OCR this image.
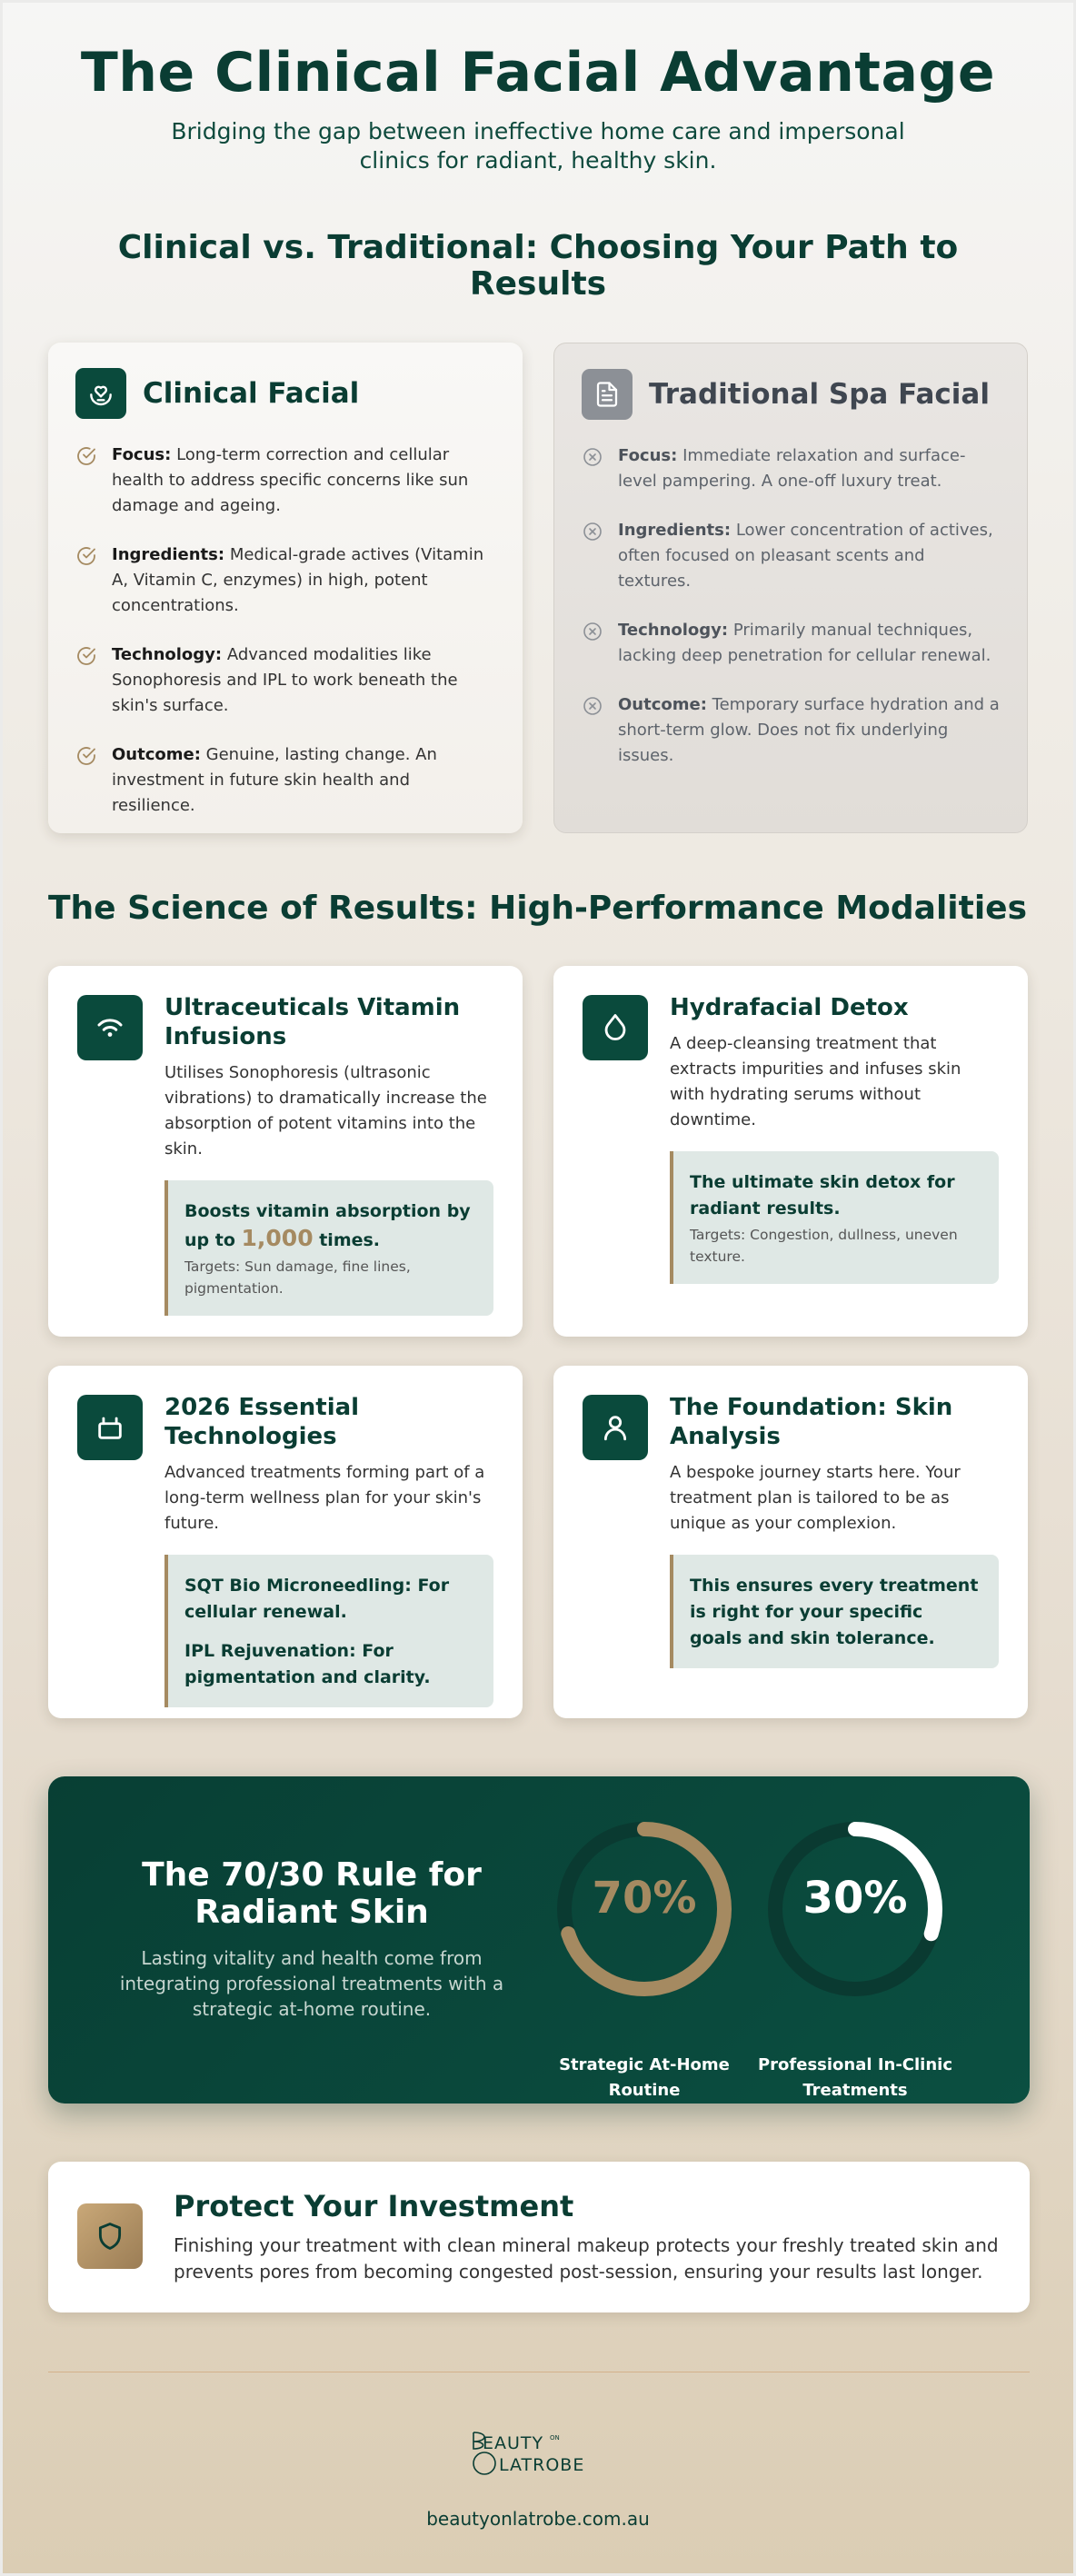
The Clinical Facial Advantage

Bridging the gap between ineffective home care and impersonal clinics for radiant, healthy skin.

Clinical vs. Traditional: Choosing Your Path to Results
Clinical Facial

Focus: Long-term correction and cellular health to address specific concerns like sun damage and ageing.

Ingredients: Medical-grade actives (Vitamin A, Vitamin C, enzymes) in high, potent concentrations.

Technology: Advanced modalities like Sonophoresis and IPL to work beneath the skin's surface.

Outcome: Genuine, lasting change. An investment in future skin health and resilience.

Traditional Spa Facial

Focus: Immediate relaxation and surface-level pampering. A one-off luxury treat.

Ingredients: Lower concentration of actives, often focused on pleasant scents and textures.

Technology: Primarily manual techniques, lacking deep penetration for cellular renewal.

Outcome: Temporary surface hydration and a short-term glow. Does not fix underlying issues.

The Science of Results: High-Performance Modalities
Ultraceuticals Vitamin Infusions
Utilises Sonophoresis (ultrasonic vibrations) to dramatically increase the absorption of potent vitamins into the skin.
Boosts vitamin absorption by up to 1,000 times.
Targets: Sun damage, fine lines, pigmentation.
Hydrafacial Detox
A deep-cleansing treatment that extracts impurities and infuses skin with hydrating serums without downtime.
The ultimate skin detox for radiant results.
Targets: Congestion, dullness, uneven texture.
2026 Essential Technologies
Advanced treatments forming part of a long-term wellness plan for your skin's future.
SQT Bio Microneedling: For cellular renewal.
IPL Rejuvenation: For pigmentation and clarity.
The Foundation: Skin Analysis
A bespoke journey starts here. Your treatment plan is tailored to be as unique as your complexion.
This ensures every treatment is right for your specific goals and skin tolerance.
The 70/30 Rule for Radiant Skin
Lasting vitality and health come from integrating professional treatments with a strategic at-home routine.
70%
Strategic At-Home Routine
30%
Professional In-Clinic Treatments
Protect Your Investment
Finishing your treatment with clean mineral makeup protects your freshly treated skin and prevents pores from becoming congested post-session, ensuring your results last longer.
EAUTY ON
LATROBE
beautyonlatrobe.com.au
